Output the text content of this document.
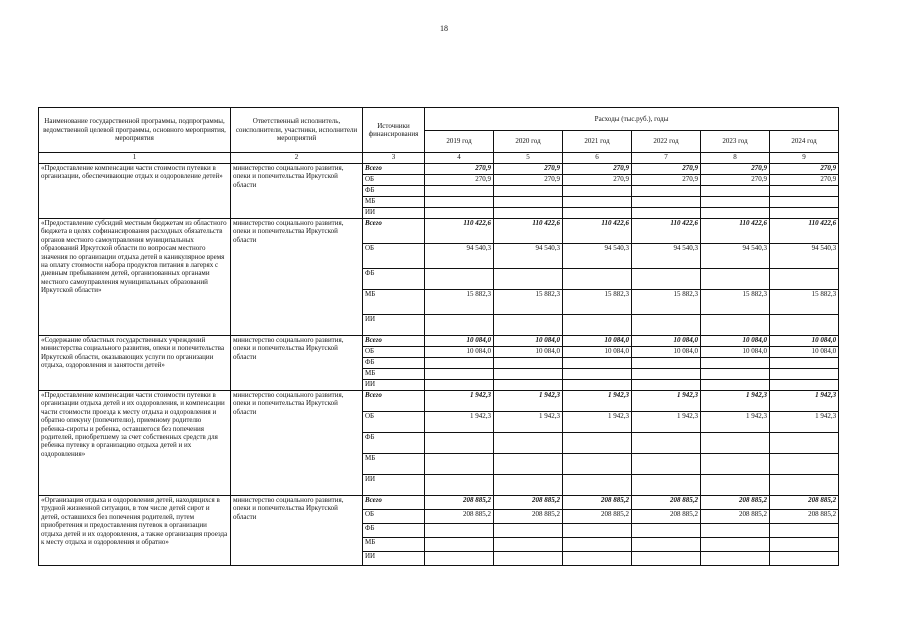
18
Наименование государственной программы, подпрограммы, ведомственной целевой программы, основного мероприятия, мероприятия	Ответственный исполнитель, соисполнители, участники, исполнители мероприятий	Источники финансирования	Расходы (тыс.руб.), годы					
			2019 год	2020 год	2021 год	2022 год	2023 год	2024 год
1	2	3	4	5	6	7	8	9
«Предоставление компенсации части стоимости путевки в организации, обеспечивающие отдых и оздоровление детей»	министерство социального развития, опеки и попечительства Иркутской области	Всего	270,9	270,9	270,9	270,9	270,9	270,9
		ОБ	270,9	270,9	270,9	270,9	270,9	270,9
		ФБ						
		МБ						
		ИИ						
«Предоставление субсидий местным бюджетам из областного бюджета в целях софинансирования расходных обязательств органов местного самоуправления муниципальных образований Иркутской области по вопросам местного значения по организации отдыха детей в каникулярное время на оплату стоимости набора продуктов питания в лагерях с дневным пребыванием детей, организованных органами местного самоуправления муниципальных образований Иркутской области»	министерство социального развития, опеки и попечительства Иркутской области	Всего	110 422,6	110 422,6	110 422,6	110 422,6	110 422,6	110 422,6
		ОБ	94 540,3	94 540,3	94 540,3	94 540,3	94 540,3	94 540,3
		ФБ						
		МБ	15 882,3	15 882,3	15 882,3	15 882,3	15 882,3	15 882,3
		ИИ						
«Содержание областных государственных учреждений министерства социального развития, опеки и попечительства Иркутской области, оказывающих услуги по организации отдыха, оздоровления и занятости детей»	министерство социального развития, опеки и попечительства Иркутской области	Всего	10 084,0	10 084,0	10 084,0	10 084,0	10 084,0	10 084,0
		ОБ	10 084,0	10 084,0	10 084,0	10 084,0	10 084,0	10 084,0
		ФБ						
		МБ						
		ИИ						
«Предоставление компенсации части стоимости путевки в организации отдыха детей и их оздоровления, и компенсации части стоимости проезда к месту отдыха и оздоровления и обратно опекуну (попечителю), приемному родителю ребенка-сироты и ребенка, оставшегося без попечения родителей, приобретшему за счет собственных средств для ребенка путевку в организацию отдыха детей и их оздоровления»	министерство социального развития, опеки и попечительства Иркутской области	Всего	1 942,3	1 942,3	1 942,3	1 942,3	1 942,3	1 942,3
		ОБ	1 942,3	1 942,3	1 942,3	1 942,3	1 942,3	1 942,3
		ФБ						
		МБ						
		ИИ						
«Организация отдыха и оздоровления детей, находящихся в трудной жизненной ситуации, в том числе детей сирот и детей, оставшихся без попечения родителей, путем приобретения и предоставления путевок в организации отдыха детей и их оздоровления, а также организация проезда к месту отдыха и оздоровления и обратно»	министерство социального развития, опеки и попечительства Иркутской области	Всего	208 885,2	208 885,2	208 885,2	208 885,2	208 885,2	208 885,2
		ОБ	208 885,2	208 885,2	208 885,2	208 885,2	208 885,2	208 885,2
		ФБ						
		МБ						
		ИИ						
